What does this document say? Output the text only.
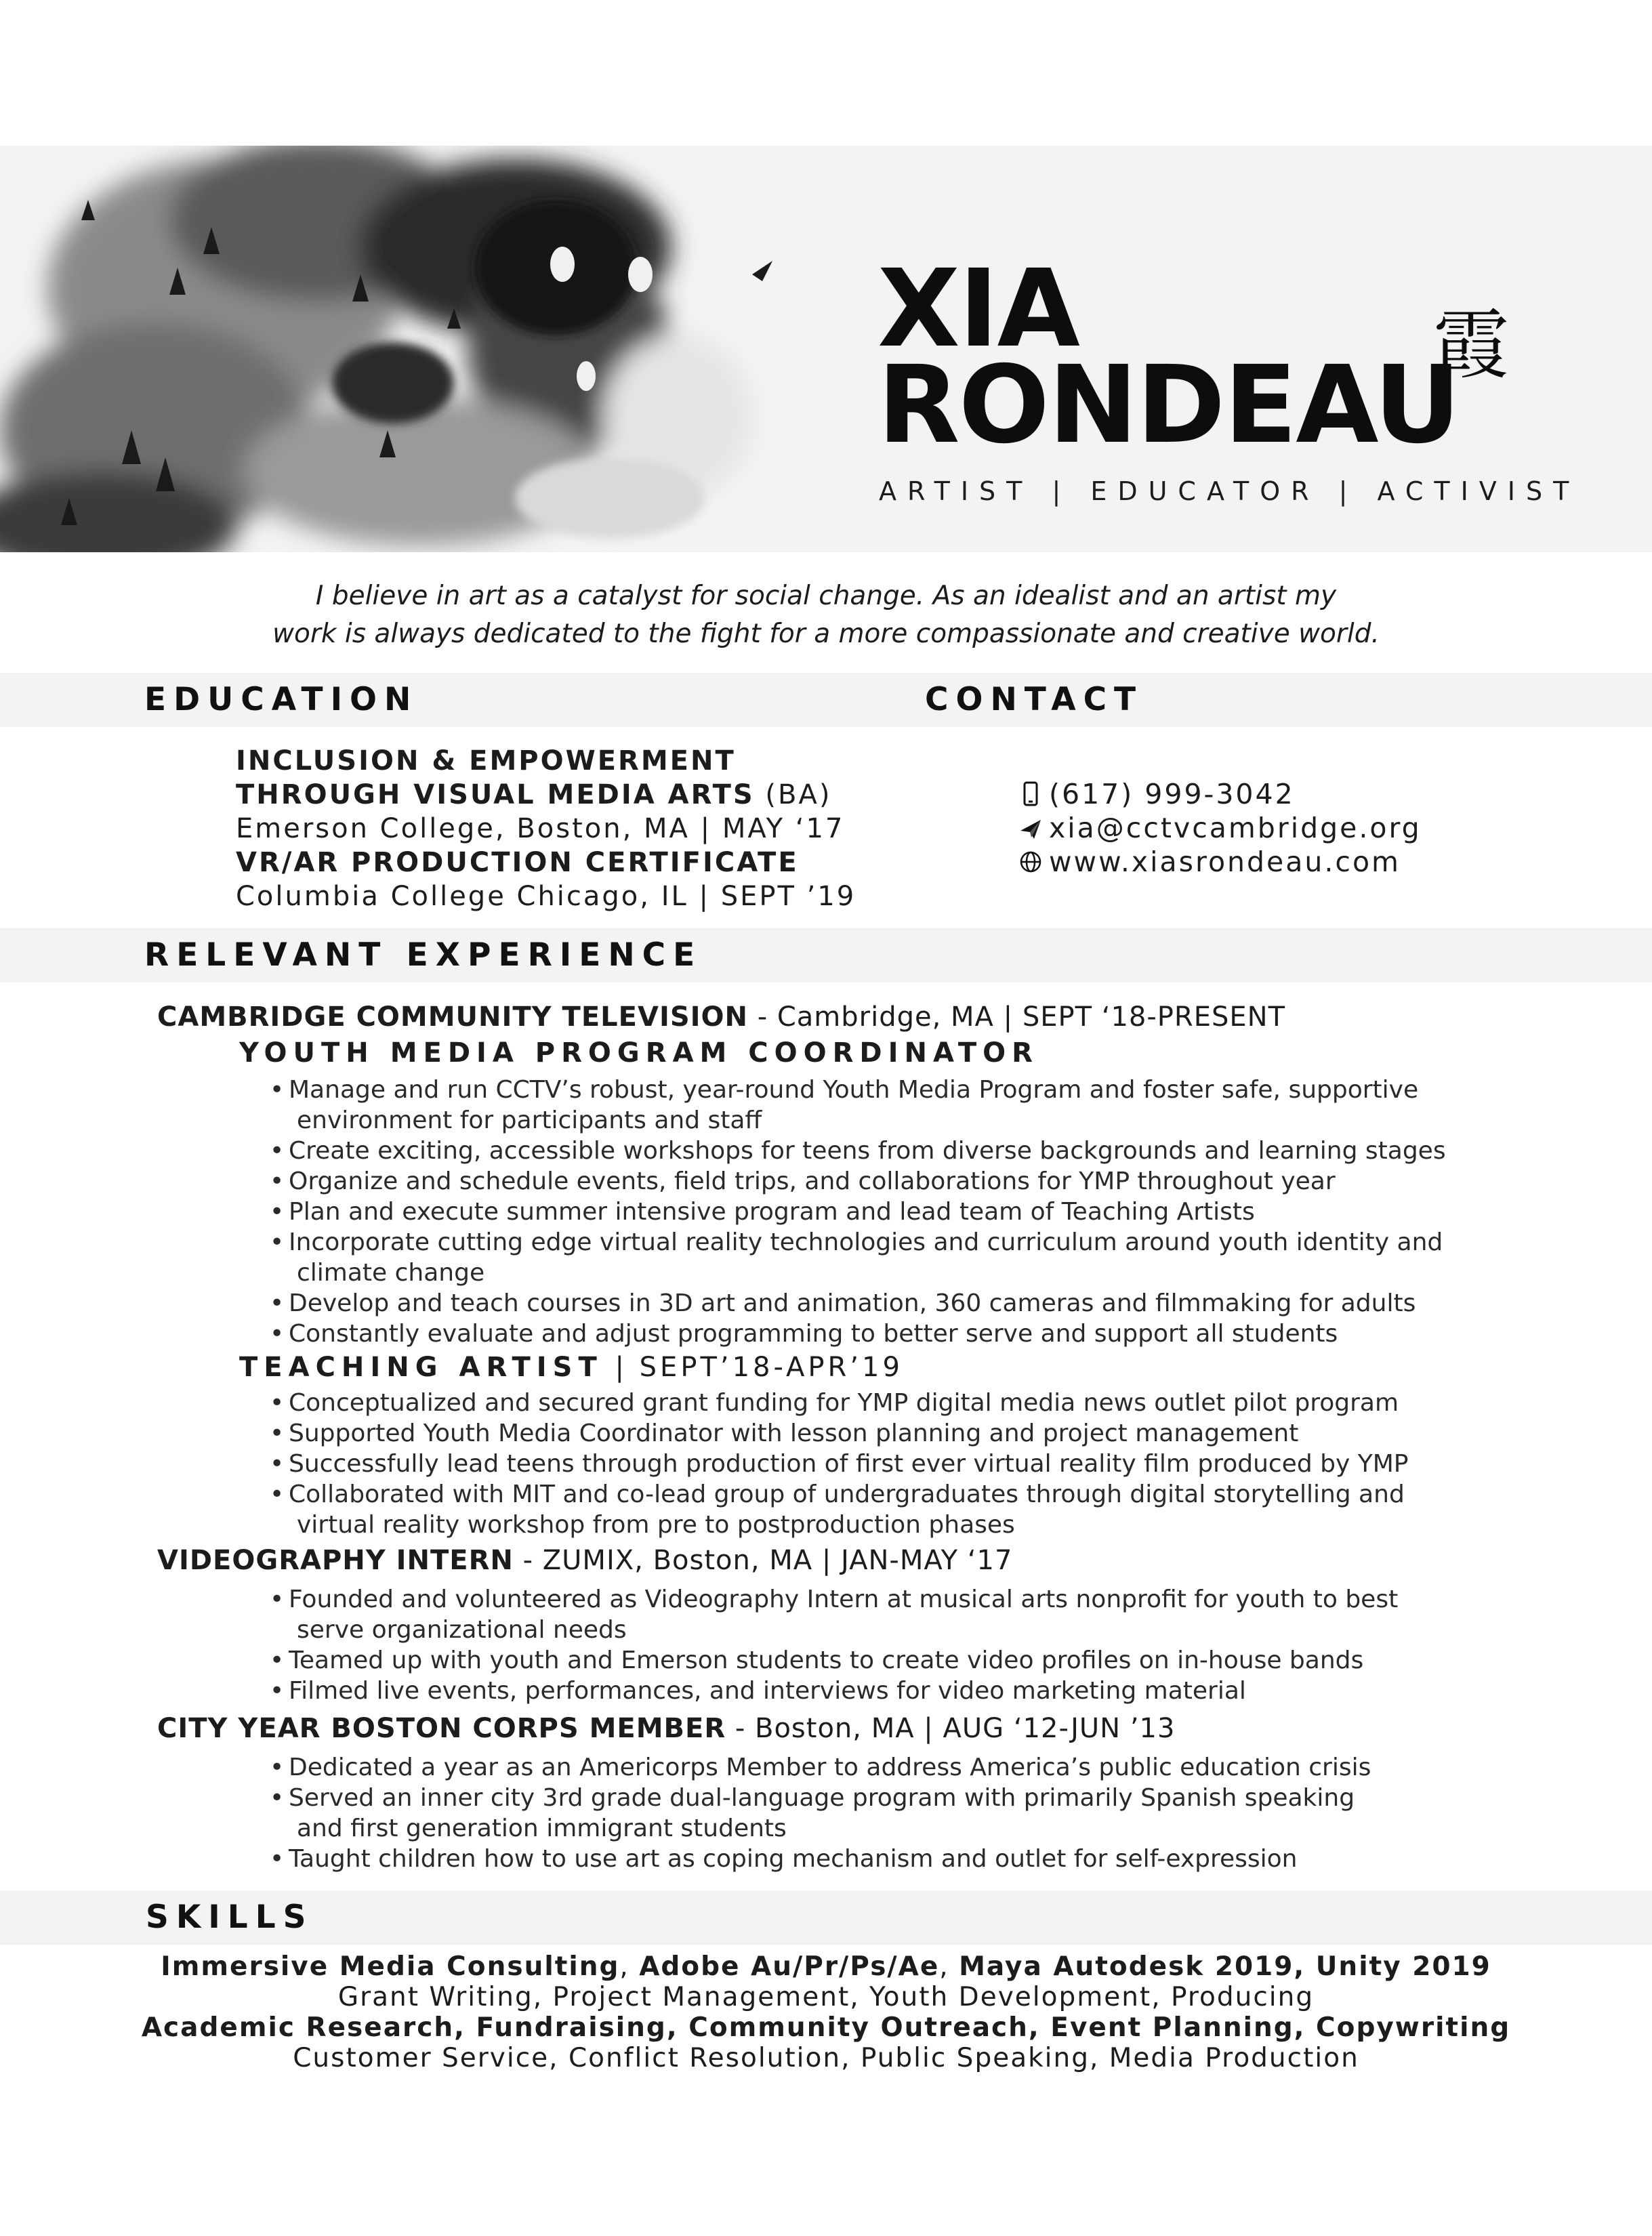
XIA
RONDEAU
霞
ARTIST | EDUCATOR | ACTIVIST
I believe in art as a catalyst for social change. As an idealist and an artist my
work is always dedicated to the fight for a more compassionate and creative world.
EDUCATION	CONTACT
INCLUSION & EMPOWERMENT
THROUGH VISUAL MEDIA ARTS (BA)
Emerson College, Boston, MA | MAY ‘17
VR/AR PRODUCTION CERTIFICATE
Columbia College Chicago, IL | SEPT ’19
(617) 999-3042
xia@cctvcambridge.org
www.xiasrondeau.com
RELEVANT EXPERIENCE
CAMBRIDGE COMMUNITY TELEVISION - Cambridge, MA | SEPT ‘18-PRESENT
YOUTH MEDIA PROGRAM COORDINATOR
• Manage and run CCTV’s robust, year-round Youth Media Program and foster safe, supportive
environment for participants and staff
• Create exciting, accessible workshops for teens from diverse backgrounds and learning stages
• Organize and schedule events, field trips, and collaborations for YMP throughout year
• Plan and execute summer intensive program and lead team of Teaching Artists
• Incorporate cutting edge virtual reality technologies and curriculum around youth identity and
climate change
• Develop and teach courses in 3D art and animation, 360 cameras and filmmaking for adults
• Constantly evaluate and adjust programming to better serve and support all students
TEACHING ARTIST | SEPT’18-APR’19
• Conceptualized and secured grant funding for YMP digital media news outlet pilot program
• Supported Youth Media Coordinator with lesson planning and project management
• Successfully lead teens through production of first ever virtual reality film produced by YMP
• Collaborated with MIT and co-lead group of undergraduates through digital storytelling and
virtual reality workshop from pre to postproduction phases
VIDEOGRAPHY INTERN - ZUMIX, Boston, MA | JAN-MAY ‘17
• Founded and volunteered as Videography Intern at musical arts nonprofit for youth to best
serve organizational needs
• Teamed up with youth and Emerson students to create video profiles on in-house bands
• Filmed live events, performances, and interviews for video marketing material
CITY YEAR BOSTON CORPS MEMBER - Boston, MA | AUG ‘12-JUN ’13
• Dedicated a year as an Americorps Member to address America’s public education crisis
• Served an inner city 3rd grade dual-language program with primarily Spanish speaking
and first generation immigrant students
• Taught children how to use art as coping mechanism and outlet for self-expression
SKILLS
Immersive Media Consulting, Adobe Au/Pr/Ps/Ae, Maya Autodesk 2019, Unity 2019
Grant Writing, Project Management, Youth Development, Producing
Academic Research, Fundraising, Community Outreach, Event Planning, Copywriting
Customer Service, Conflict Resolution, Public Speaking, Media Production
